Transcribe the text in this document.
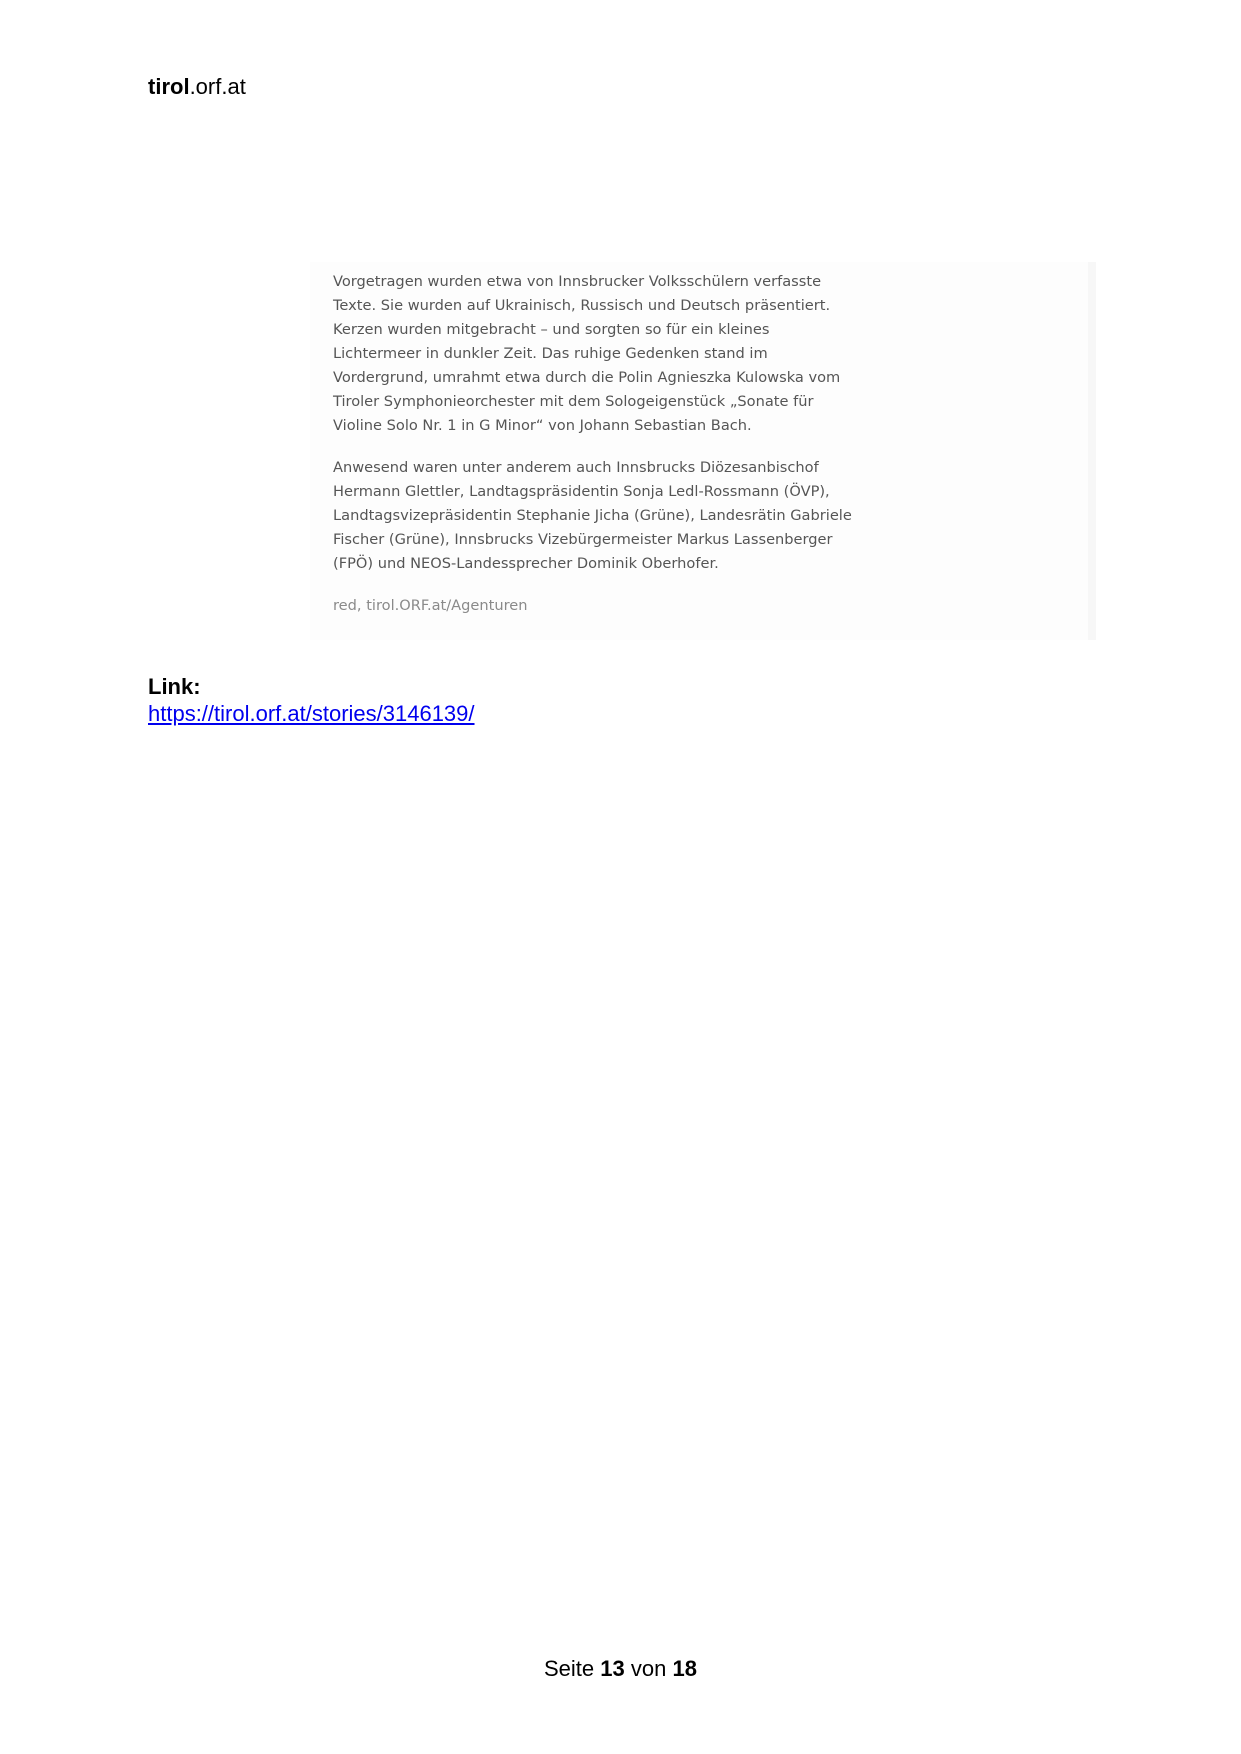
tirol.orf.at

Vorgetragen wurden etwa von Innsbrucker Volksschülern verfasste
Texte. Sie wurden auf Ukrainisch, Russisch und Deutsch präsentiert.
Kerzen wurden mitgebracht – und sorgten so für ein kleines
Lichtermeer in dunkler Zeit. Das ruhige Gedenken stand im
Vordergrund, umrahmt etwa durch die Polin Agnieszka Kulowska vom
Tiroler Symphonieorchester mit dem Sologeigenstück „Sonate für
Violine Solo Nr. 1 in G Minor“ von Johann Sebastian Bach.

Anwesend waren unter anderem auch Innsbrucks Diözesanbischof
Hermann Glettler, Landtagspräsidentin Sonja Ledl-Rossmann (ÖVP),
Landtagsvizepräsidentin Stephanie Jicha (Grüne), Landesrätin Gabriele
Fischer (Grüne), Innsbrucks Vizebürgermeister Markus Lassenberger
(FPÖ) und NEOS-Landessprecher Dominik Oberhofer.

red, tirol.ORF.at/Agenturen

Link:
https://tirol.orf.at/stories/3146139/
Seite 13 von 18
